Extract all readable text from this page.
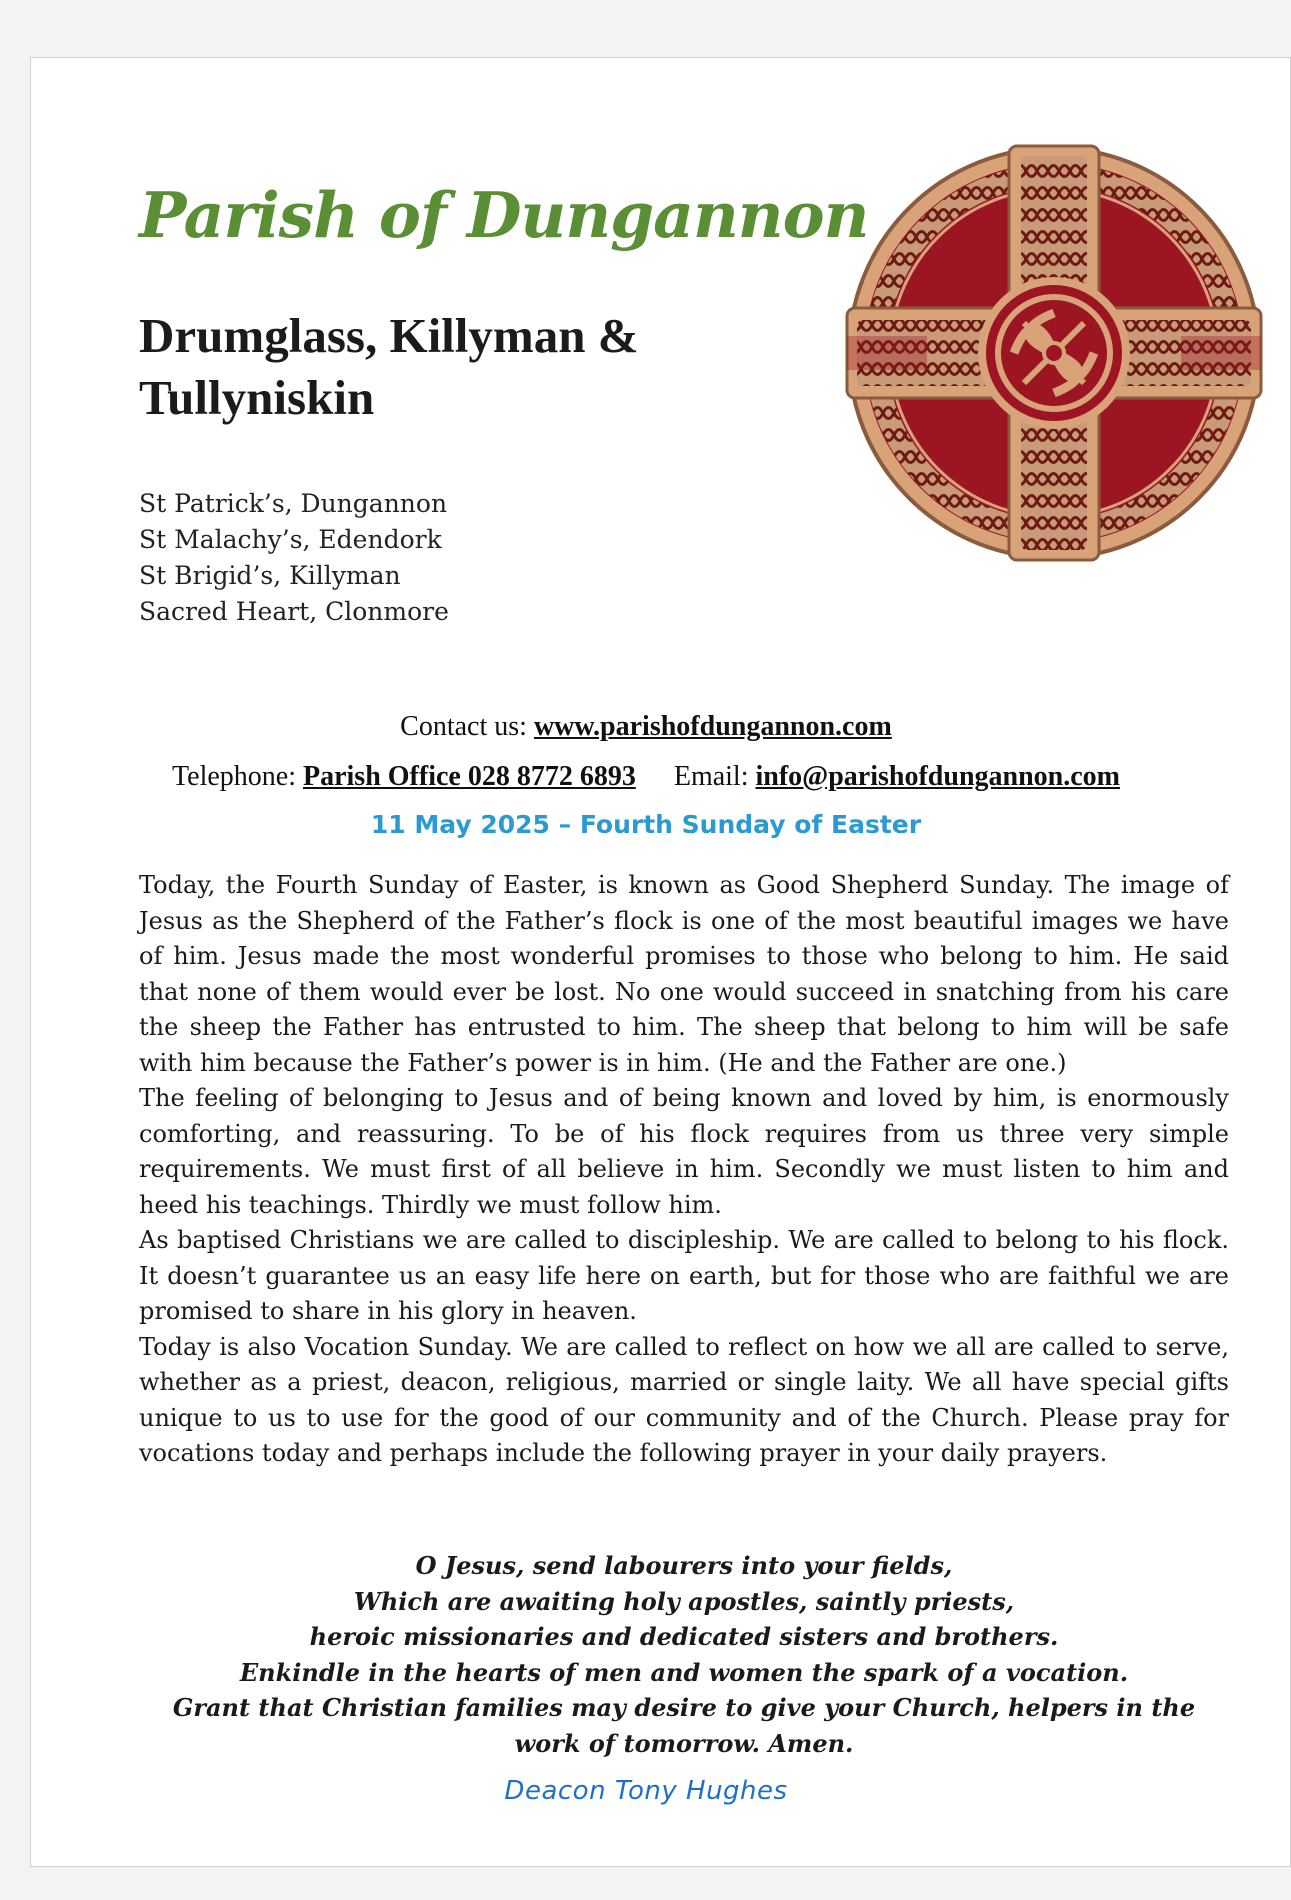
Parish of Dungannon
Drumglass, Killyman & Tullyniskin
St Patrick’s, Dungannon
St Malachy’s, Edendork
St Brigid’s, Killyman
Sacred Heart, Clonmore
Contact us: www.parishofdungannon.com
Telephone: Parish Office 028 8772 6893 Email: info@parishofdungannon.com
11 May 2025 – Fourth Sunday of Easter

Today, the Fourth Sunday of Easter, is known as Good Shepherd Sunday. The image of Jesus as the Shepherd of the Father’s flock is one of the most beautiful images we have of him. Jesus made the most wonderful promises to those who belong to him. He said that none of them would ever be lost. No one would succeed in snatching from his care the sheep the Father has entrusted to him. The sheep that belong to him will be safe with him because the Father’s power is in him. (He and the Father are one.)

The feeling of belonging to Jesus and of being known and loved by him, is enormously comforting, and reassuring. To be of his flock requires from us three very simple requirements. We must first of all believe in him. Secondly we must listen to him and heed his teachings. Thirdly we must follow him.

As baptised Christians we are called to discipleship. We are called to belong to his flock. It doesn’t guarantee us an easy life here on earth, but for those who are faithful we are promised to share in his glory in heaven.

Today is also Vocation Sunday. We are called to reflect on how we all are called to serve, whether as a priest, deacon, religious, married or single laity. We all have special gifts unique to us to use for the good of our community and of the Church. Please pray for vocations today and perhaps include the following prayer in your daily prayers.

O Jesus, send labourers into your fields,
Which are awaiting holy apostles, saintly priests,
heroic missionaries and dedicated sisters and brothers.
Enkindle in the hearts of men and women the spark of a vocation.
Grant that Christian families may desire to give your Church, helpers in the work of tomorrow. Amen.
Deacon Tony Hughes
